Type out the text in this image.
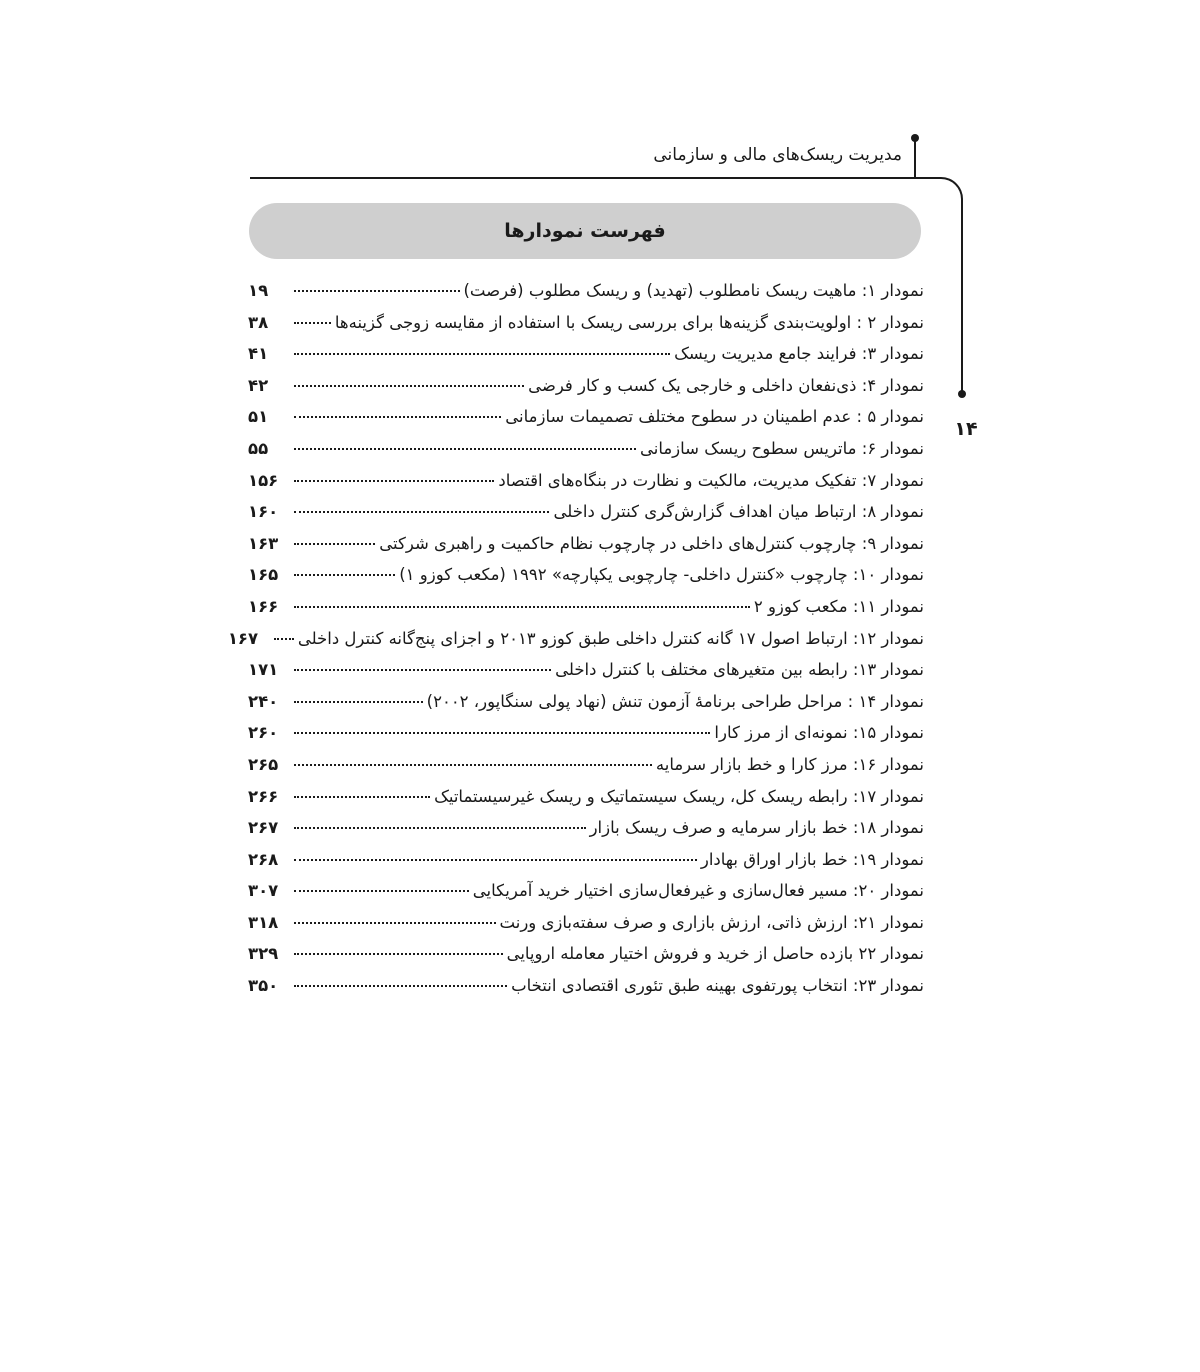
مدیریت ریسک‌های مالی و سازمانی
۱۴
فهرست نمودارها
نمودار ۱: ماهیت ریسک نامطلوب (تهدید) و ریسک مطلوب (فرصت)
۱۹
نمودار ۲ : اولویت‌بندی گزینه‌ها برای بررسی ریسک با استفاده از مقایسه زوجی گزینه‌ها
۳۸
نمودار ۳: فرایند جامع مدیریت ریسک
۴۱
نمودار ۴: ذی‌نفعان داخلی و خارجی یک کسب و کار فرضی
۴۲
نمودار ۵ : عدم اطمینان در سطوح مختلف تصمیمات سازمانی
۵۱
نمودار ۶: ماتریس سطوح ریسک سازمانی
۵۵
نمودار ۷: تفکیک مدیریت، مالکیت و نظارت در بنگاه‌های اقتصاد
۱۵۶
نمودار ۸: ارتباط میان اهداف گزارش‌گری کنترل داخلی
۱۶۰
نمودار ۹: چارچوب کنترل‌های داخلی در چارچوب نظام حاکمیت و راهبری شرکتی
۱۶۳
نمودار ۱۰: چارچوب «کنترل داخلی- چارچوبی یکپارچه» ۱۹۹۲ (مکعب کوزو ۱)
۱۶۵
نمودار ۱۱: مکعب کوزو ۲
۱۶۶
نمودار ۱۲: ارتباط اصول ۱۷ گانه کنترل داخلی طبق کوزو ۲۰۱۳ و اجزای پنج‌گانه کنترل داخلی
۱۶۷
نمودار ۱۳: رابطه بین متغیرهای مختلف با کنترل داخلی
۱۷۱
نمودار ۱۴ : مراحل طراحی برنامهٔ آزمون تنش (نهاد پولی سنگاپور، ۲۰۰۲)
۲۴۰
نمودار ۱۵: نمونه‌ای از مرز کارا
۲۶۰
نمودار ۱۶: مرز کارا و خط بازار سرمایه
۲۶۵
نمودار ۱۷: رابطه ریسک کل، ریسک سیستماتیک و ریسک غیرسیستماتیک
۲۶۶
نمودار ۱۸: خط بازار سرمایه و صرف ریسک بازار
۲۶۷
نمودار ۱۹: خط بازار اوراق بهادار
۲۶۸
نمودار ۲۰: مسیر فعال‌سازی و غیرفعال‌سازی اختیار خرید آمریکایی
۳۰۷
نمودار ۲۱: ارزش ذاتی، ارزش بازاری و صرف سفته‌بازی ورنت
۳۱۸
نمودار ۲۲ بازده حاصل از خرید و فروش اختیار معامله اروپایی
۳۲۹
نمودار ۲۳: انتخاب پورتفوی بهینه طبق تئوری اقتصادی انتخاب
۳۵۰
